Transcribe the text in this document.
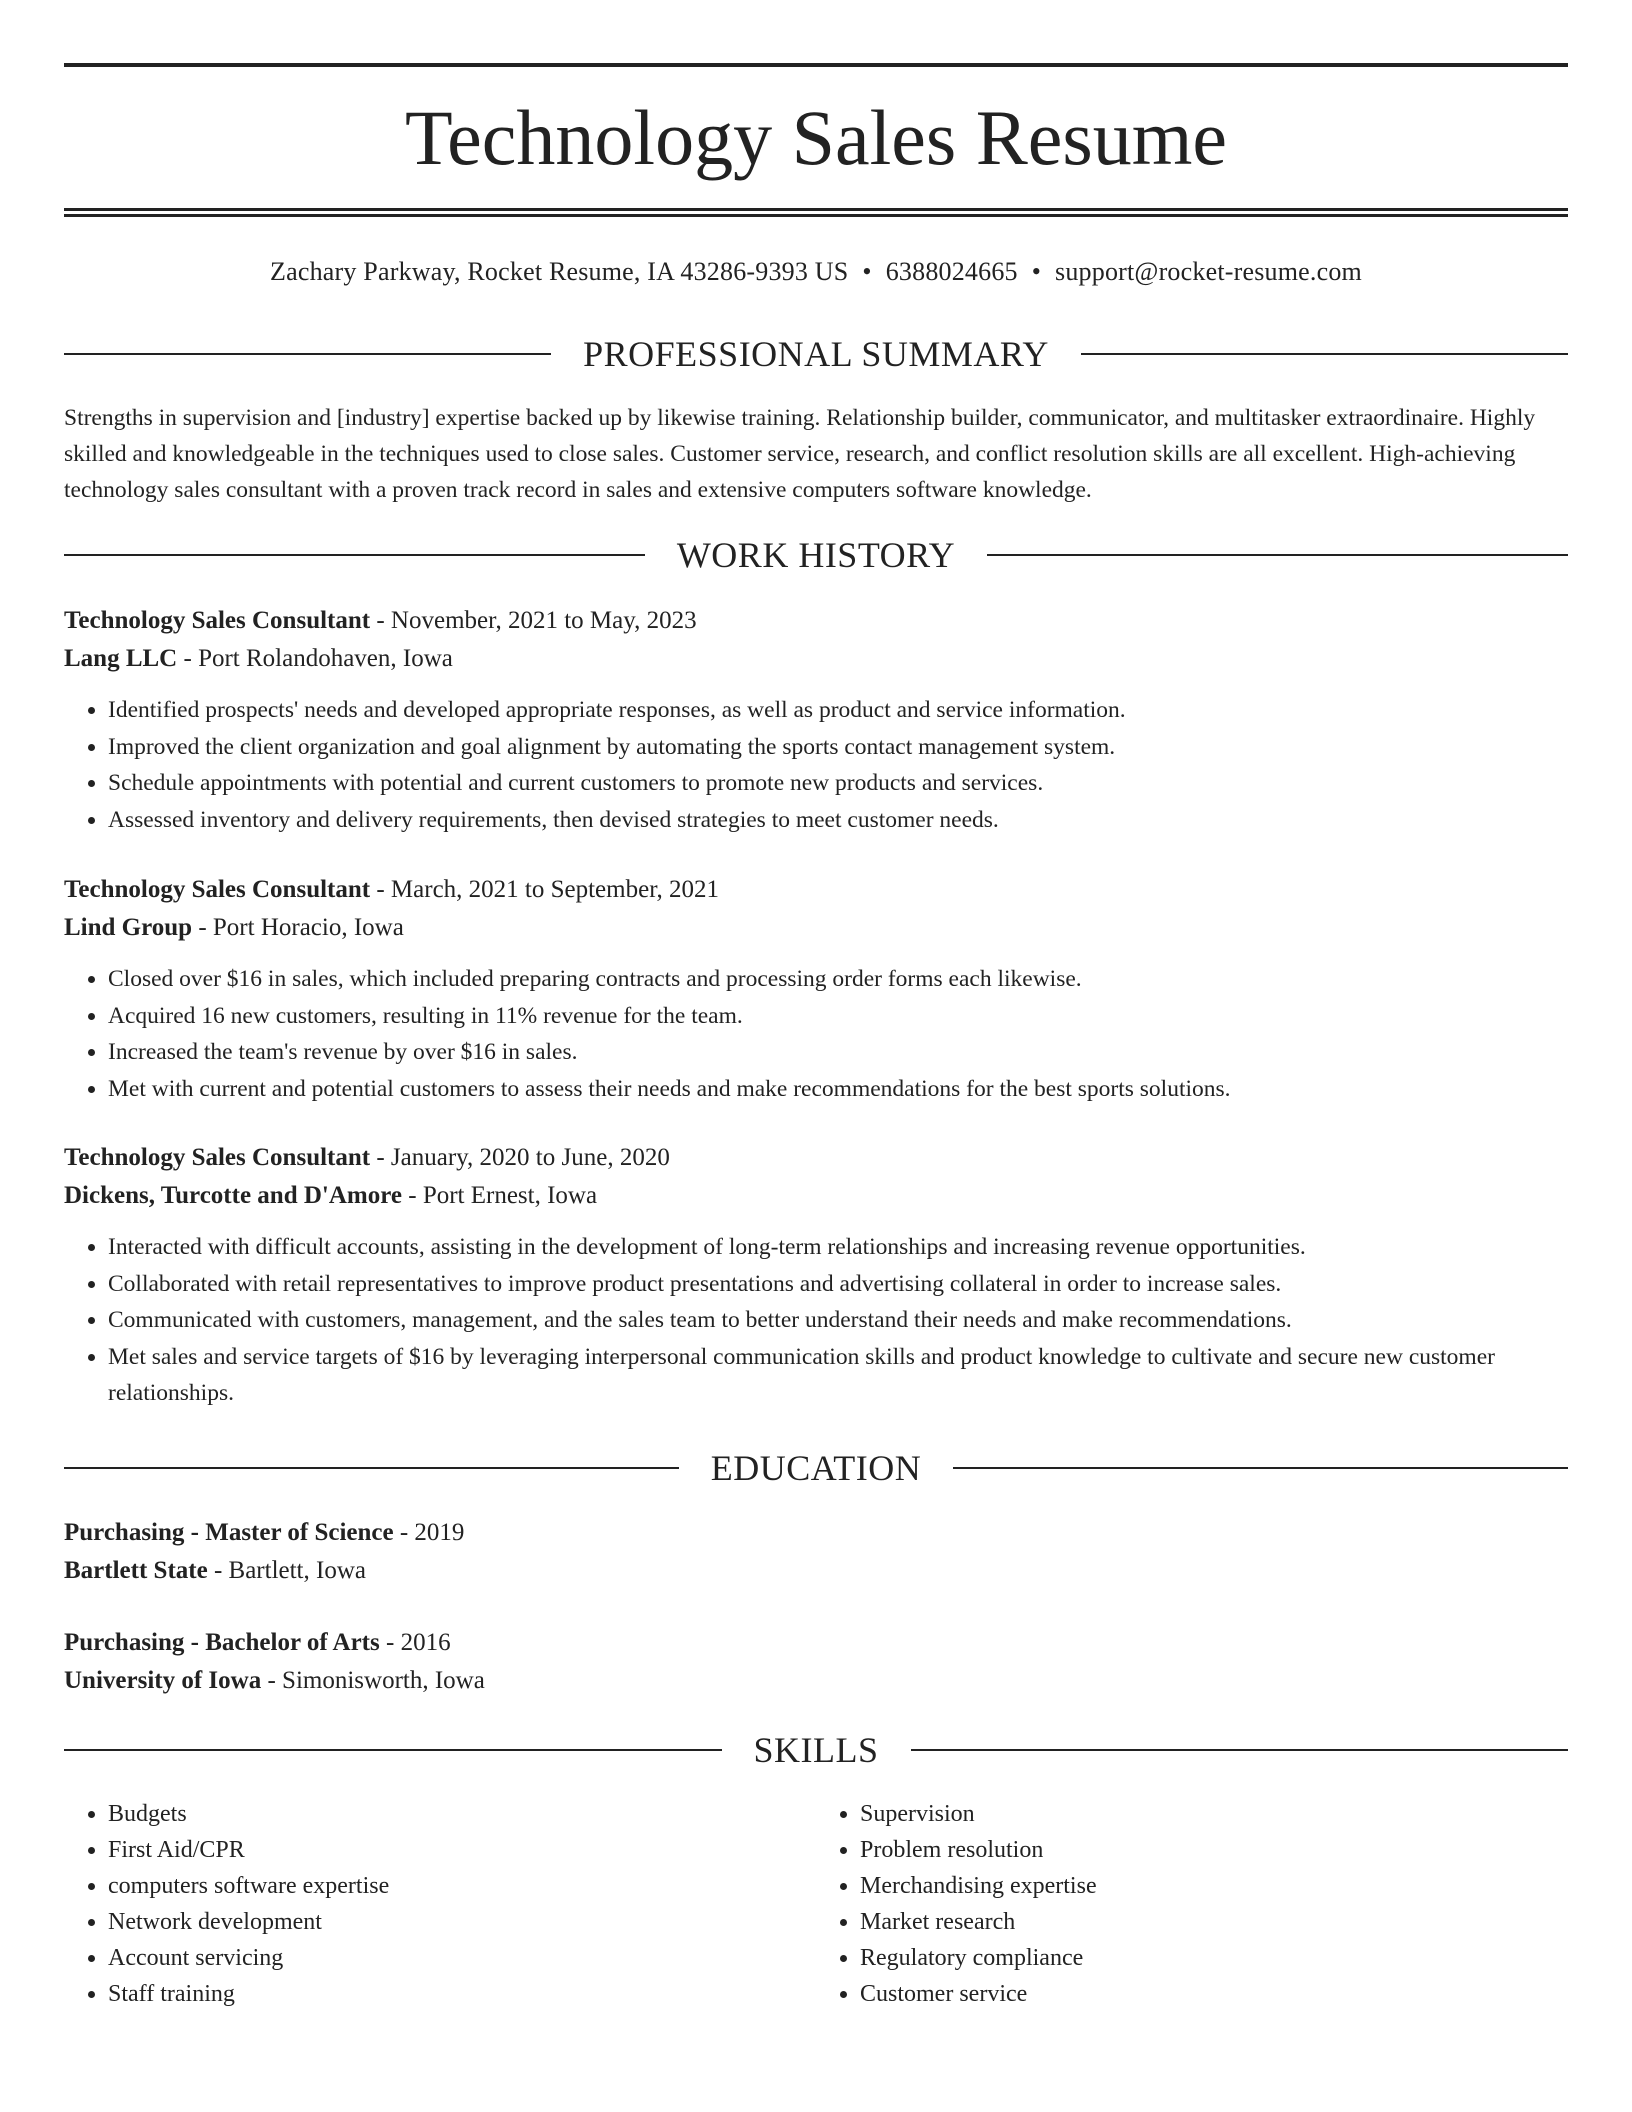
Technology Sales Resume
Zachary Parkway, Rocket Resume, IA 43286-9393 US • 6388024665 • support@rocket-resume.com
PROFESSIONAL SUMMARY

Strengths in supervision and [industry] expertise backed up by likewise training. Relationship builder, communicator, and multitasker extraordinaire. Highly skilled and knowledgeable in the techniques used to close sales. Customer service, research, and conflict resolution skills are all excellent. High-achieving technology sales consultant with a proven track record in sales and extensive computers software knowledge.

WORK HISTORY

Technology Sales Consultant - November, 2021 to May, 2023

Lang LLC - Port Rolandohaven, Iowa

• Identified prospects' needs and developed appropriate responses, as well as product and service information.
• Improved the client organization and goal alignment by automating the sports contact management system.
• Schedule appointments with potential and current customers to promote new products and services.
• Assessed inventory and delivery requirements, then devised strategies to meet customer needs.

Technology Sales Consultant - March, 2021 to September, 2021

Lind Group - Port Horacio, Iowa

• Closed over $16 in sales, which included preparing contracts and processing order forms each likewise.
• Acquired 16 new customers, resulting in 11% revenue for the team.
• Increased the team's revenue by over $16 in sales.
• Met with current and potential customers to assess their needs and make recommendations for the best sports solutions.

Technology Sales Consultant - January, 2020 to June, 2020

Dickens, Turcotte and D'Amore - Port Ernest, Iowa

• Interacted with difficult accounts, assisting in the development of long-term relationships and increasing revenue opportunities.
• Collaborated with retail representatives to improve product presentations and advertising collateral in order to increase sales.
• Communicated with customers, management, and the sales team to better understand their needs and make recommendations.
• Met sales and service targets of $16 by leveraging interpersonal communication skills and product knowledge to cultivate and secure new customer relationships.
EDUCATION

Purchasing - Master of Science - 2019

Bartlett State - Bartlett, Iowa

Purchasing - Bachelor of Arts - 2016

University of Iowa - Simonisworth, Iowa

SKILLS
• Budgets
• First Aid/CPR
• computers software expertise
• Network development
• Account servicing
• Staff training
• Supervision
• Problem resolution
• Merchandising expertise
• Market research
• Regulatory compliance
• Customer service
